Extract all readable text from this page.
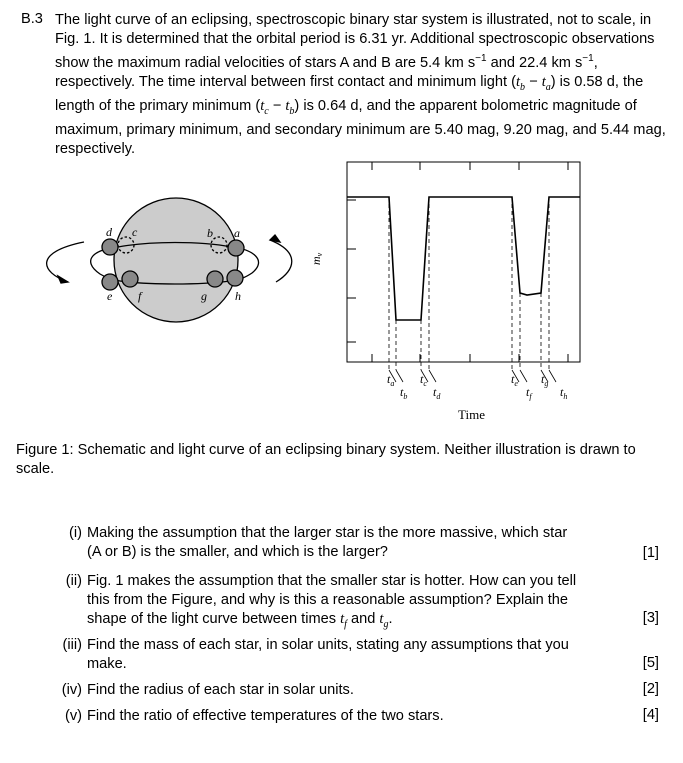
B.3 The light curve of an eclipsing, spectroscopic binary star system is illustrated, not to scale, in Fig. 1. It is determined that the orbital period is 6.31 yr. Additional spectroscopic observations show the maximum radial velocities of stars A and B are 5.4 km $s^{-1}$ and 22.4 km $s^{-1}$, respectively. The time interval between first contact and minimum light $(t_b - t_a)$ is 0.58 d, the length of the primary minimum $(t_c - t_b)$ is 0.64 d, and the apparent bolometric magnitude of maximum, primary minimum, and secondary minimum are 5.40 mag, 9.20 mag, and 5.44 mag, respectively.
a
b
c
d
e f	g h
mv
$t_a$
$t_b$
$t_c$
$t_d$
$t_e$
$t_f$
$t_g$
$t_h$
Time
Figure 1: Schematic and light curve of an eclipsing binary system. Neither illustration is drawn to scale.
(i) Making the assumption that the larger star is the more massive, which star
(A or B) is the smaller, and which is the larger?	[1]
(ii) Fig. 1 makes the assumption that the smaller star is hotter. How can you tell
this from the Figure, and why is this a reasonable assumption? Explain the
shape of the light curve between times $t_f$ and $t_g$.	[3]
(iii) Find the mass of each star, in solar units, stating any assumptions that you
make.	[5]
(iv) Find the radius of each star in solar units.	[2]
(v) Find the ratio of effective temperatures of the two stars.	[4]
